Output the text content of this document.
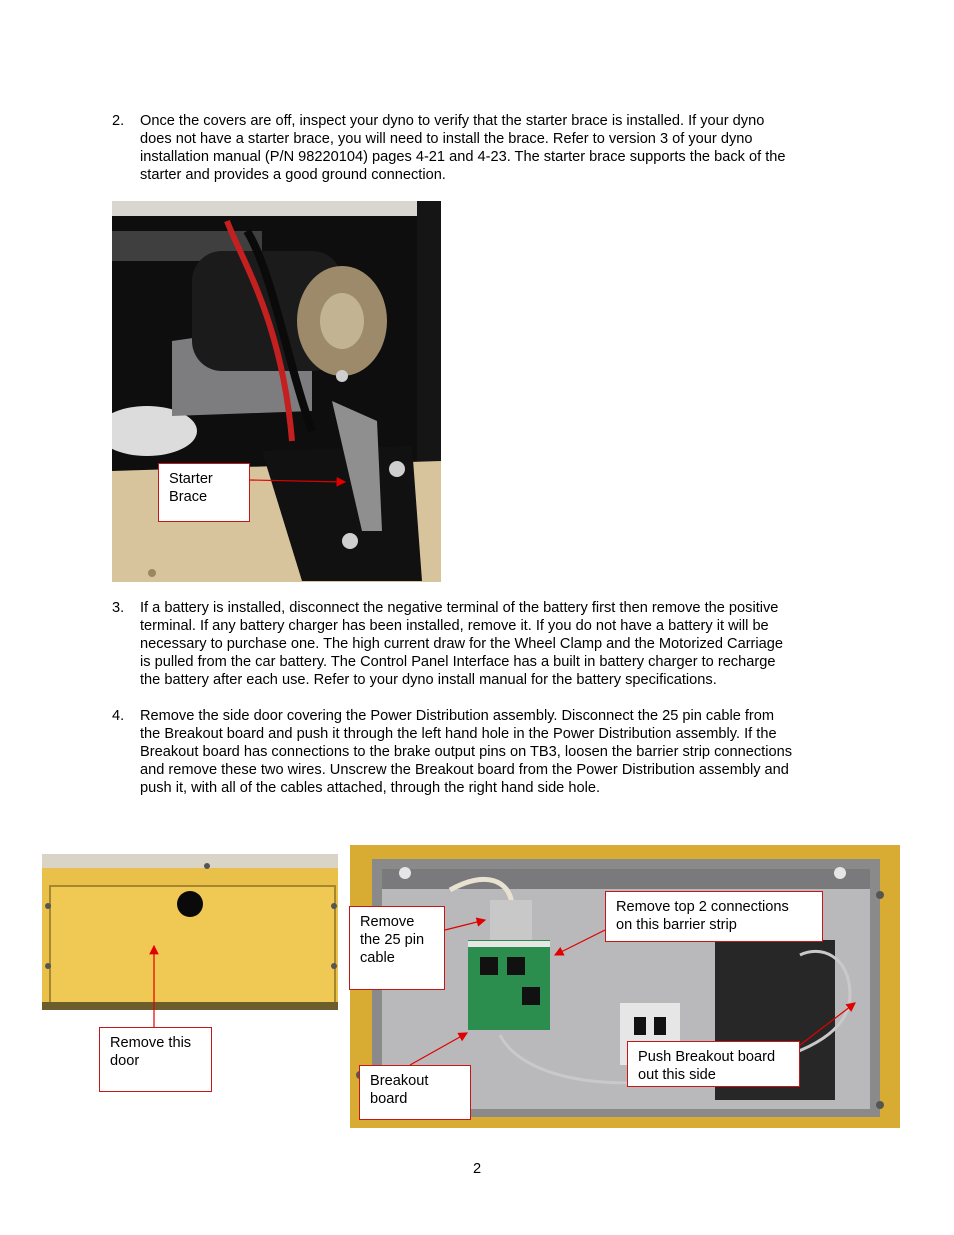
2. Once the covers are off, inspect your dyno to verify that the starter brace is installed. If your dyno
does not have a starter brace, you will need to install the brace. Refer to version 3 of your dyno
installation manual (P/N 98220104) pages 4-21 and 4-23. The starter brace supports the back of the
starter and provides a good ground connection.
Starter
Brace
3. If a battery is installed, disconnect the negative terminal of the battery first then remove the positive
terminal. If any battery charger has been installed, remove it. If you do not have a battery it will be
necessary to purchase one. The high current draw for the Wheel Clamp and the Motorized Carriage
is pulled from the car battery. The Control Panel Interface has a built in battery charger to recharge
the battery after each use. Refer to your dyno install manual for the battery specifications.
4. Remove the side door covering the Power Distribution assembly. Disconnect the 25 pin cable from
the Breakout board and push it through the left hand hole in the Power Distribution assembly. If the
Breakout board has connections to the brake output pins on TB3, loosen the barrier strip connections
and remove these two wires. Unscrew the Breakout board from the Power Distribution assembly and
push it, with all of the cables attached, through the right hand side hole.
Remove this
door
Remove
the 25 pin
cable
Remove top 2 connections
on this barrier strip
Breakout
board
Push Breakout board
out this side
2
